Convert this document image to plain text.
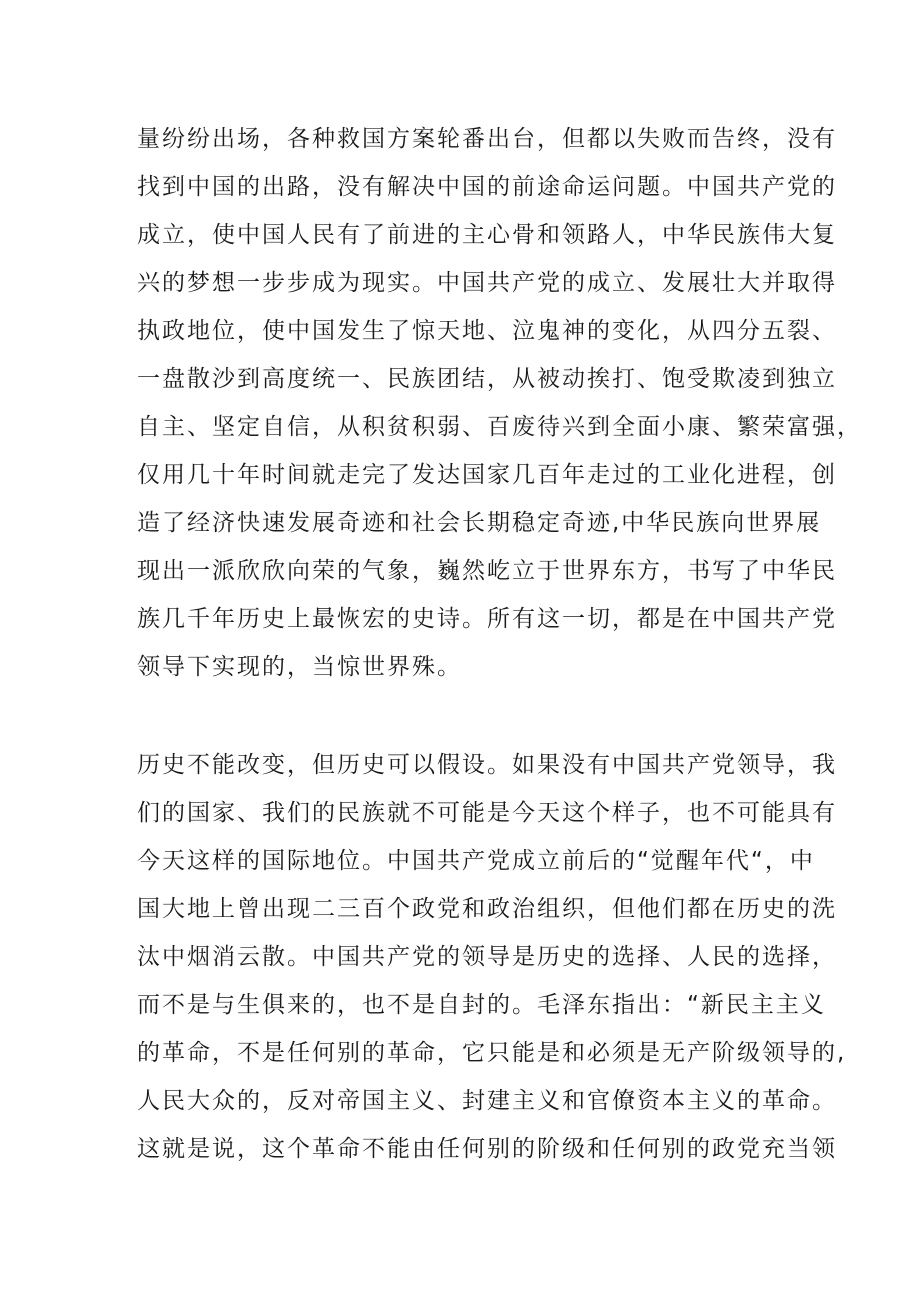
量纷纷出场，各种救国方案轮番出台，但都以失败而告终，没有
找到中国的出路，没有解决中国的前途命运问题。中国共产党的
成立，使中国人民有了前进的主心骨和领路人，中华民族伟大复
兴的梦想一步步成为现实。中国共产党的成立、发展壮大并取得
执政地位，使中国发生了惊天地、泣鬼神的变化，从四分五裂、
一盘散沙到高度统一、民族团结，从被动挨打、饱受欺凌到独立
自主、坚定自信，从积贫积弱、百废待兴到全面小康、繁荣富强，
仅用几十年时间就走完了发达国家几百年走过的工业化进程，创
造了经济快速发展奇迹和社会长期稳定奇迹,中华民族向世界展
现出一派欣欣向荣的气象，巍然屹立于世界东方，书写了中华民
族几千年历史上最恢宏的史诗。所有这一切，都是在中国共产党
领导下实现的，当惊世界殊。
历史不能改变，但历史可以假设。如果没有中国共产党领导，我
们的国家、我们的民族就不可能是今天这个样子，也不可能具有
今天这样的国际地位。中国共产党成立前后的“觉醒年代“，中
国大地上曾出现二三百个政党和政治组织，但他们都在历史的洗
汰中烟消云散。中国共产党的领导是历史的选择、人民的选择，
而不是与生俱来的，也不是自封的。毛泽东指出：“新民主主义
的革命，不是任何别的革命，它只能是和必须是无产阶级领导的,
人民大众的，反对帝国主义、封建主义和官僚资本主义的革命。
这就是说，这个革命不能由任何别的阶级和任何别的政党充当领
